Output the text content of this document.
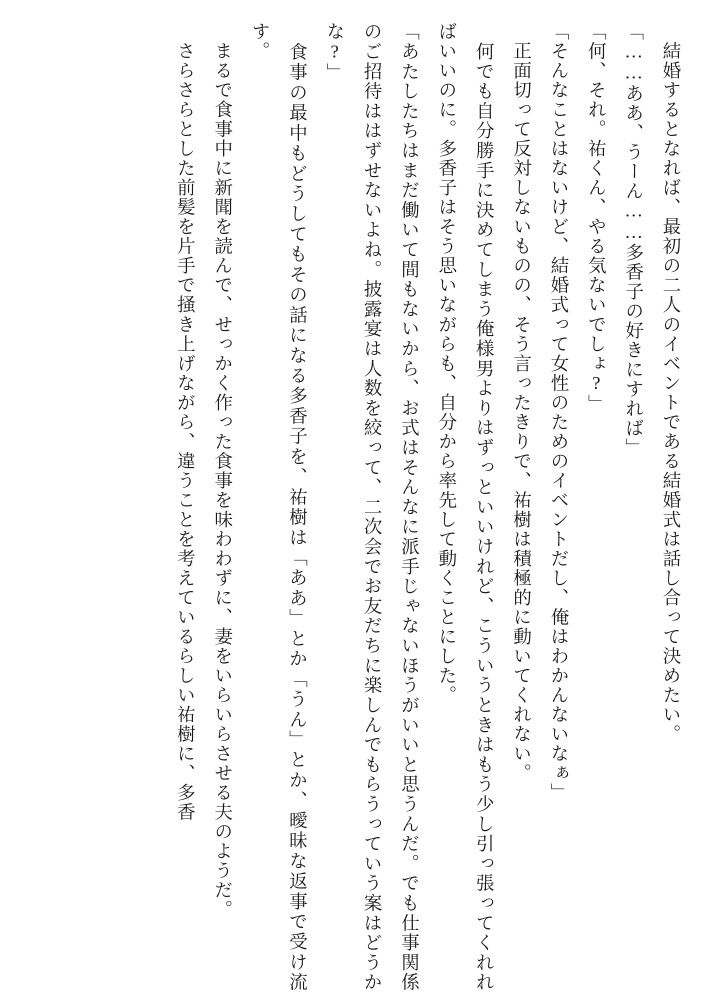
　結婚するとなれば、最初の二人のイベントである結婚式は話し合って決めたい。
「……ああ、うーん……多香子の好きにすれば」
「何、それ。祐くん、やる気ないでしょ?」
「そんなことはないけど、結婚式って女性のためのイベントだし、俺はわかんないなぁ」
　正面切って反対しないものの、そう言ったきりで、祐樹は積極的に動いてくれない。
　何でも自分勝手に決めてしまう俺様男よりはずっといいけれど、こういうときはもう少し引っ張ってくれればいいのに。多香子はそう思いながらも、自分から率先して動くことにした。
「あたしたちはまだ働いて間もないから、お式はそんなに派手じゃないほうがいいと思うんだ。でも仕事関係のご招待ははずせないよね。披露宴は人数を絞って、二次会でお友だちに楽しんでもらうっていう案はどうかな?」
　食事の最中もどうしてもその話になる多香子を、祐樹は「ああ」とか「うん」とか、曖昧な返事で受け流す。
　まるで食事中に新聞を読んで、せっかく作った食事を味わわずに、妻をいらいらさせる夫のようだ。
　さらさらとした前髪を片手で掻き上げながら、違うことを考えているらしい祐樹に、多香
